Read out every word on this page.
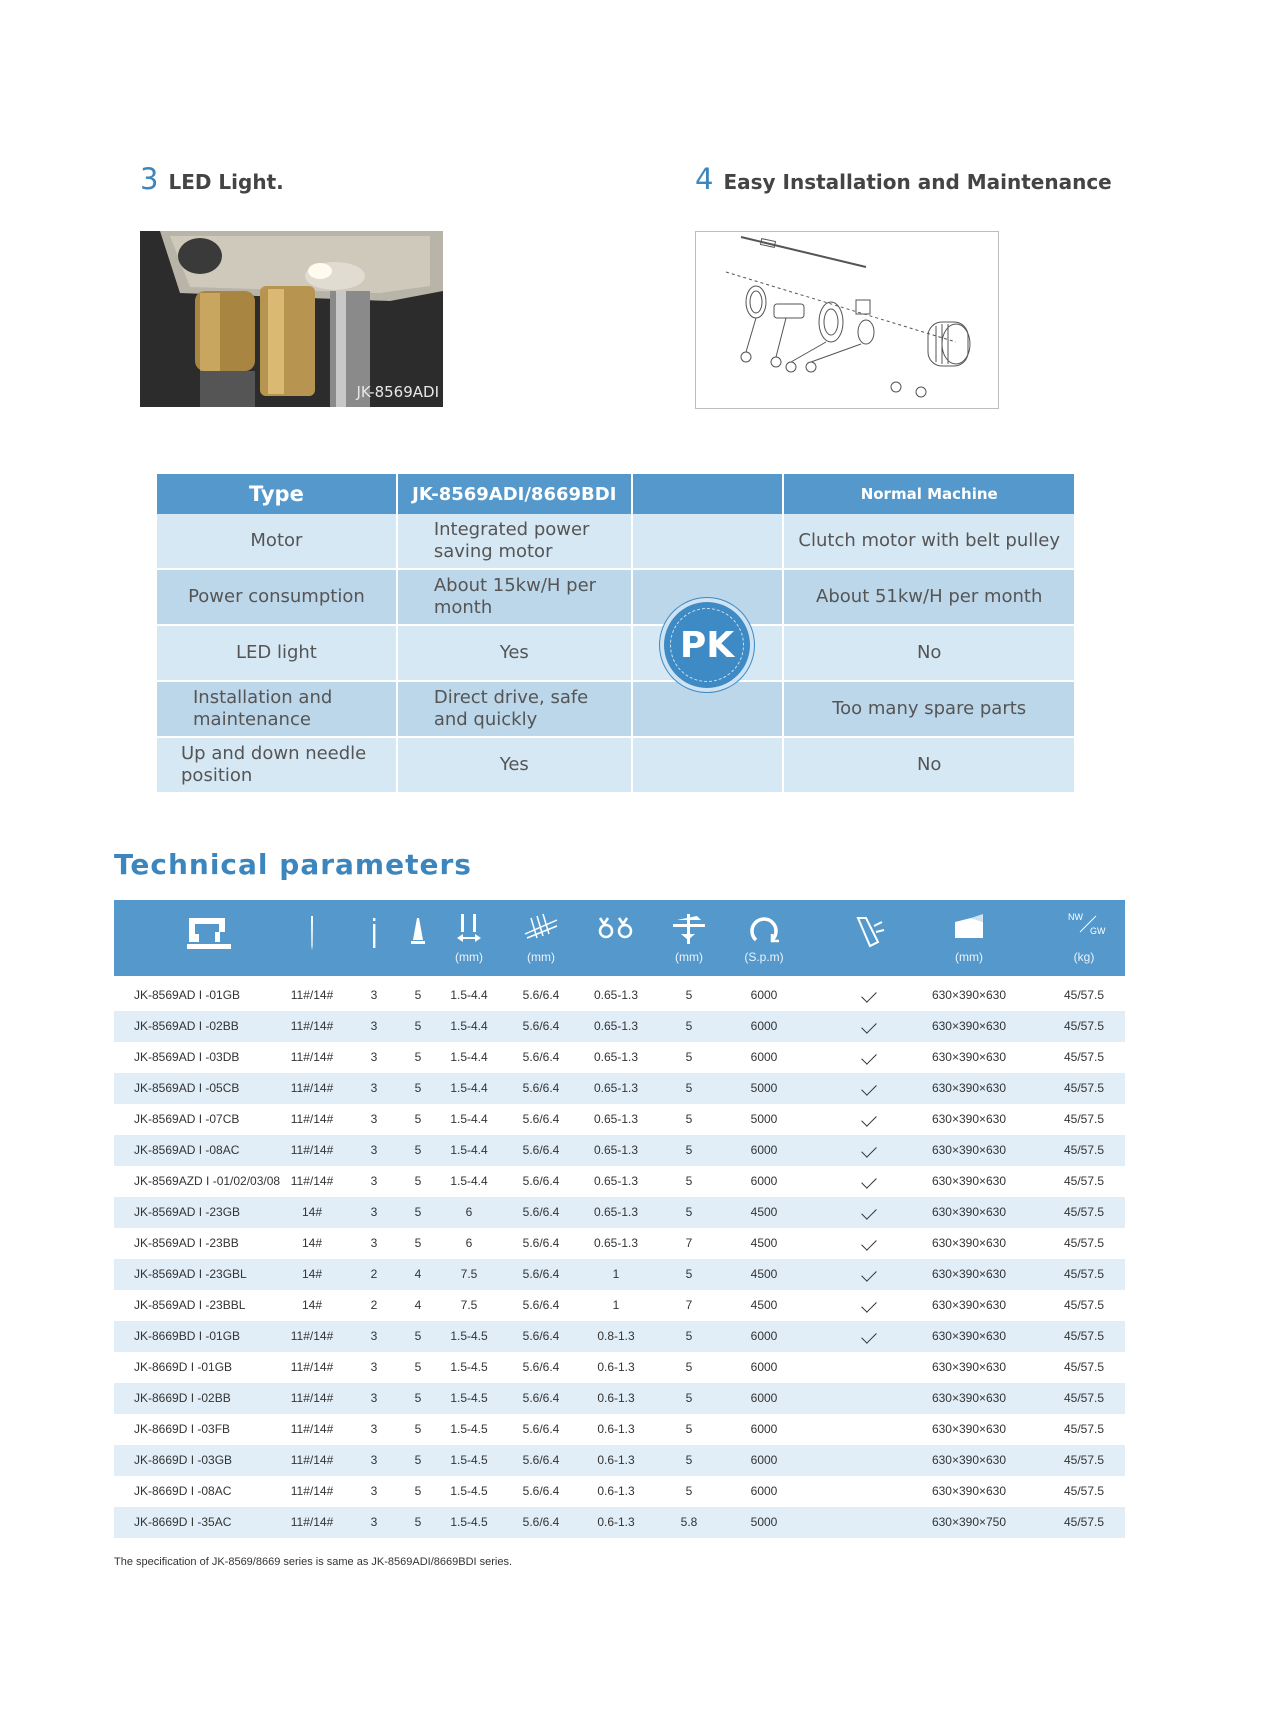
3 LED Light.
JK-8569ADI
4 Easy Installation and Maintenance
Type	JK-8569ADI/8669BDI		Normal Machine
Motor	Integrated power saving motor		Clutch motor with belt pulley
Power consumption	About 15kw/H per month		About 51kw/H per month
LED light	Yes		No
Installation and maintenance	Direct drive, safe and quickly		Too many spare parts
Up and down needle position	Yes		No
PK
Technical parameters
(mm)	(mm)	(mm)	(S.p.m)	(mm)
NW
GW
(kg)
JK-8569AD I -01GB	11#/14#	3	5	1.5-4.4	5.6/6.4	0.65-1.3	5	6000	630×390×630	45/57.5
JK-8569AD I -02BB	11#/14#	3	5	1.5-4.4	5.6/6.4	0.65-1.3	5	6000	630×390×630	45/57.5
JK-8569AD I -03DB	11#/14#	3	5	1.5-4.4	5.6/6.4	0.65-1.3	5	6000	630×390×630	45/57.5
JK-8569AD I -05CB	11#/14#	3	5	1.5-4.4	5.6/6.4	0.65-1.3	5	5000	630×390×630	45/57.5
JK-8569AD I -07CB	11#/14#	3	5	1.5-4.4	5.6/6.4	0.65-1.3	5	5000	630×390×630	45/57.5
JK-8569AD I -08AC	11#/14#	3	5	1.5-4.4	5.6/6.4	0.65-1.3	5	6000	630×390×630	45/57.5
JK-8569AZD I -01/02/03/08 11#/14#	3	5	1.5-4.4	5.6/6.4	0.65-1.3	5	6000	630×390×630	45/57.5
JK-8569AD I -23GB	14#	3	5	6	5.6/6.4	0.65-1.3	5	4500	630×390×630	45/57.5
JK-8569AD I -23BB	14#	3	5	6	5.6/6.4	0.65-1.3	7	4500	630×390×630	45/57.5
JK-8569AD I -23GBL	14#	2	4	7.5	5.6/6.4	1	5	4500	630×390×630	45/57.5
JK-8569AD I -23BBL	14#	2	4	7.5	5.6/6.4	1	7	4500	630×390×630	45/57.5
JK-8669BD I -01GB	11#/14#	3	5	1.5-4.5	5.6/6.4	0.8-1.3	5	6000	630×390×630	45/57.5
JK-8669D I -01GB	11#/14#	3	5	1.5-4.5	5.6/6.4	0.6-1.3	5	6000	630×390×630	45/57.5
JK-8669D I -02BB	11#/14#	3	5	1.5-4.5	5.6/6.4	0.6-1.3	5	6000	630×390×630	45/57.5
JK-8669D I -03FB	11#/14#	3	5	1.5-4.5	5.6/6.4	0.6-1.3	5	6000	630×390×630	45/57.5
JK-8669D I -03GB	11#/14#	3	5	1.5-4.5	5.6/6.4	0.6-1.3	5	6000	630×390×630	45/57.5
JK-8669D I -08AC	11#/14#	3	5	1.5-4.5	5.6/6.4	0.6-1.3	5	6000	630×390×630	45/57.5
JK-8669D I -35AC	11#/14#	3	5	1.5-4.5	5.6/6.4	0.6-1.3	5.8	5000	630×390×750	45/57.5
The specification of JK-8569/8669 series is same as JK-8569ADI/8669BDI series.
